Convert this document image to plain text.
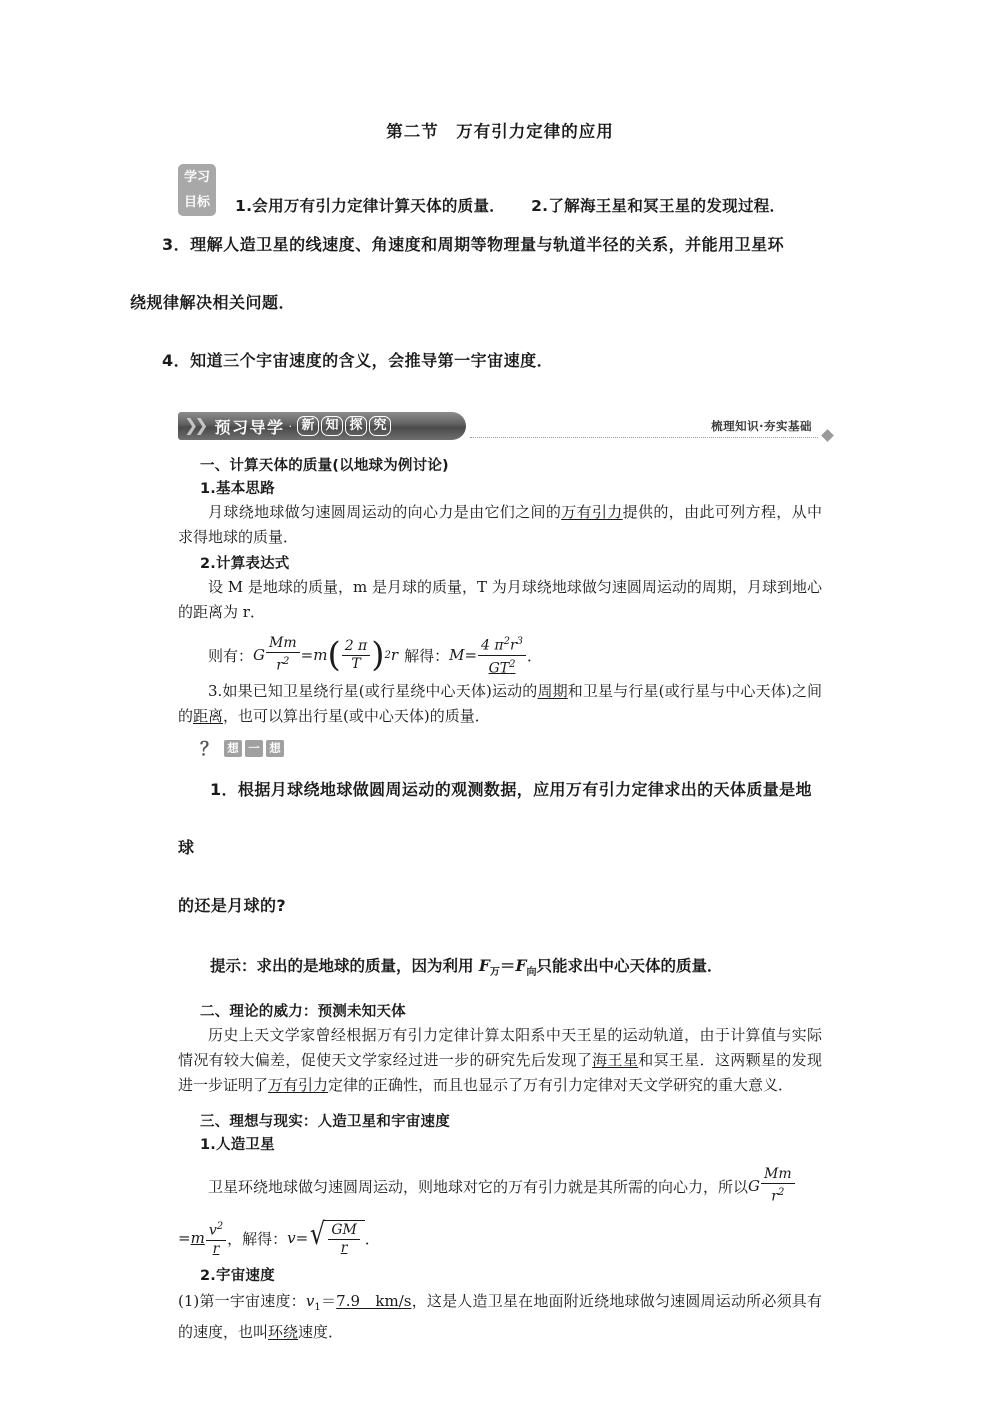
第二节　万有引力定律的应用
学习
目标	1.会用万有引力定律计算天体的质量． 2.了解海王星和冥王星的发现过程．
3．理解人造卫星的线速度、角速度和周期等物理量与轨道半径的关系，并能用卫星环
绕规律解决相关问题．
4．知道三个宇宙速度的含义，会推导第一宇宙速度．
❯❯ 预习导学 · 新 知 探 究	梳理知识·夯实基础
一、计算天体的质量(以地球为例讨论)
1.基本思路
月球绕地球做匀速圆周运动的向心力是由它们之间的万有引力提供的，由此可列方程，从中求得地球的质量．
2.计算表达式
设 M 是地球的质量，m 是月球的质量，T 为月球绕地球做匀速圆周运动的周期，月球到地心的距离为 r．
则有： G $\frac{Mm}{r^2} = m$ ( $\frac{2 \pi}{T}$ ) 2 r 解得： $M = \frac{4 \pi^2r^3}{GT^2}$ ．
3.如果已知卫星绕行星(或行星绕中心天体)运动的周期和卫星与行星(或行星与中心天体)之间的距离，也可以算出行星(或中心天体)的质量．
？ 想 一 想
1．根据月球绕地球做圆周运动的观测数据，应用万有引力定律求出的天体质量是地球
的还是月球的?
提示：求出的是地球的质量，因为利用 $F_万=F_向$只能求出中心天体的质量．
二、理论的威力：预测未知天体
历史上天文学家曾经根据万有引力定律计算太阳系中天王星的运动轨道，由于计算值与实际情况有较大偏差，促使天文学家经过进一步的研究先后发现了海王星和冥王星．这两颗星的发现进一步证明了万有引力定律的正确性，而且也显示了万有引力定律对天文学研究的重大意义．
三、理想与现实：人造卫星和宇宙速度
1.人造卫星
卫星环绕地球做匀速圆周运动，则地球对它的万有引力就是其所需的向心力，所以 G $\frac{Mm}{r^2}$
= m $\frac{v^2}{r}$ ，解得： v = √ $\frac{GM}{r}$ ．
2.宇宙速度
(1)第一宇宙速度：$v_1=7.9$　km/s，这是人造卫星在地面附近绕地球做匀速圆周运动所必须具有的速度，也叫环绕速度．
